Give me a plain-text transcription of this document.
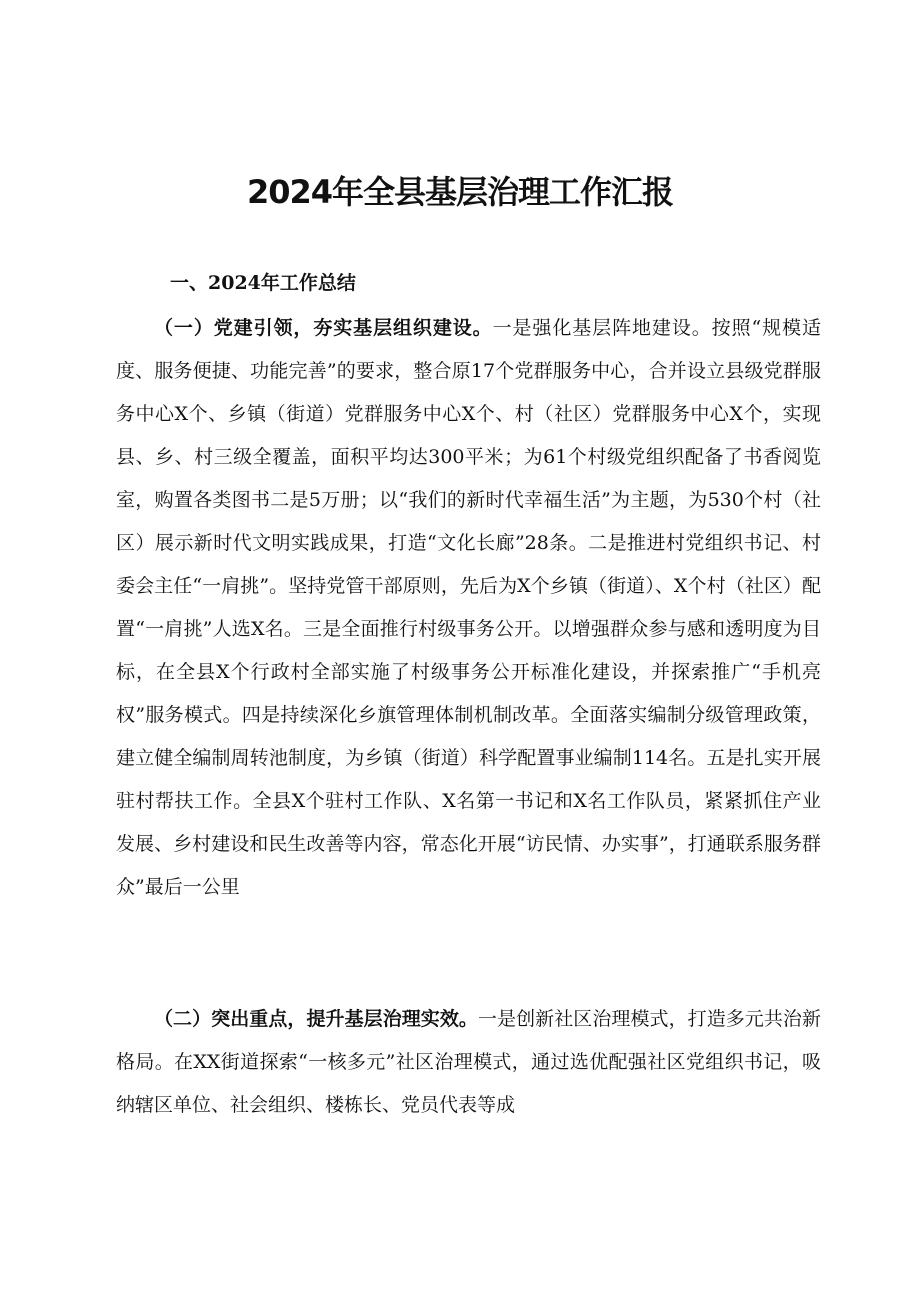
2024年全县基层治理工作汇报
一、2024年工作总结

（一）党建引领，夯实基层组织建设。一是强化基层阵地建设。按照“规模适度、服务便捷、功能完善”的要求，整合原17个党群服务中心，合并设立县级党群服务中心X个、乡镇（街道）党群服务中心X个、村（社区）党群服务中心X个，实现县、乡、村三级全覆盖，面积平均达300平米；为61个村级党组织配备了书香阅览室，购置各类图书二是5万册；以“我们的新时代幸福生活”为主题，为530个村（社区）展示新时代文明实践成果，打造“文化长廊”28条。二是推进村党组织书记、村委会主任“一肩挑”。坚持党管干部原则，先后为X个乡镇（街道）、X个村（社区）配置“一肩挑”人选X名。三是全面推行村级事务公开。以增强群众参与感和透明度为目标，在全县X个行政村全部实施了村级事务公开标准化建设，并探索推广“手机亮权”服务模式。四是持续深化乡旗管理体制机制改革。全面落实编制分级管理政策，建立健全编制周转池制度，为乡镇（街道）科学配置事业编制114名。五是扎实开展驻村帮扶工作。全县X个驻村工作队、X名第一书记和X名工作队员，紧紧抓住产业发展、乡村建设和民生改善等内容，常态化开展“访民情、办实事”，打通联系服务群众”最后一公里

（二）突出重点，提升基层治理实效。一是创新社区治理模式，打造多元共治新格局。在XX街道探索“一核多元”社区治理模式，通过选优配强社区党组织书记，吸纳辖区单位、社会组织、楼栋长、党员代表等成
